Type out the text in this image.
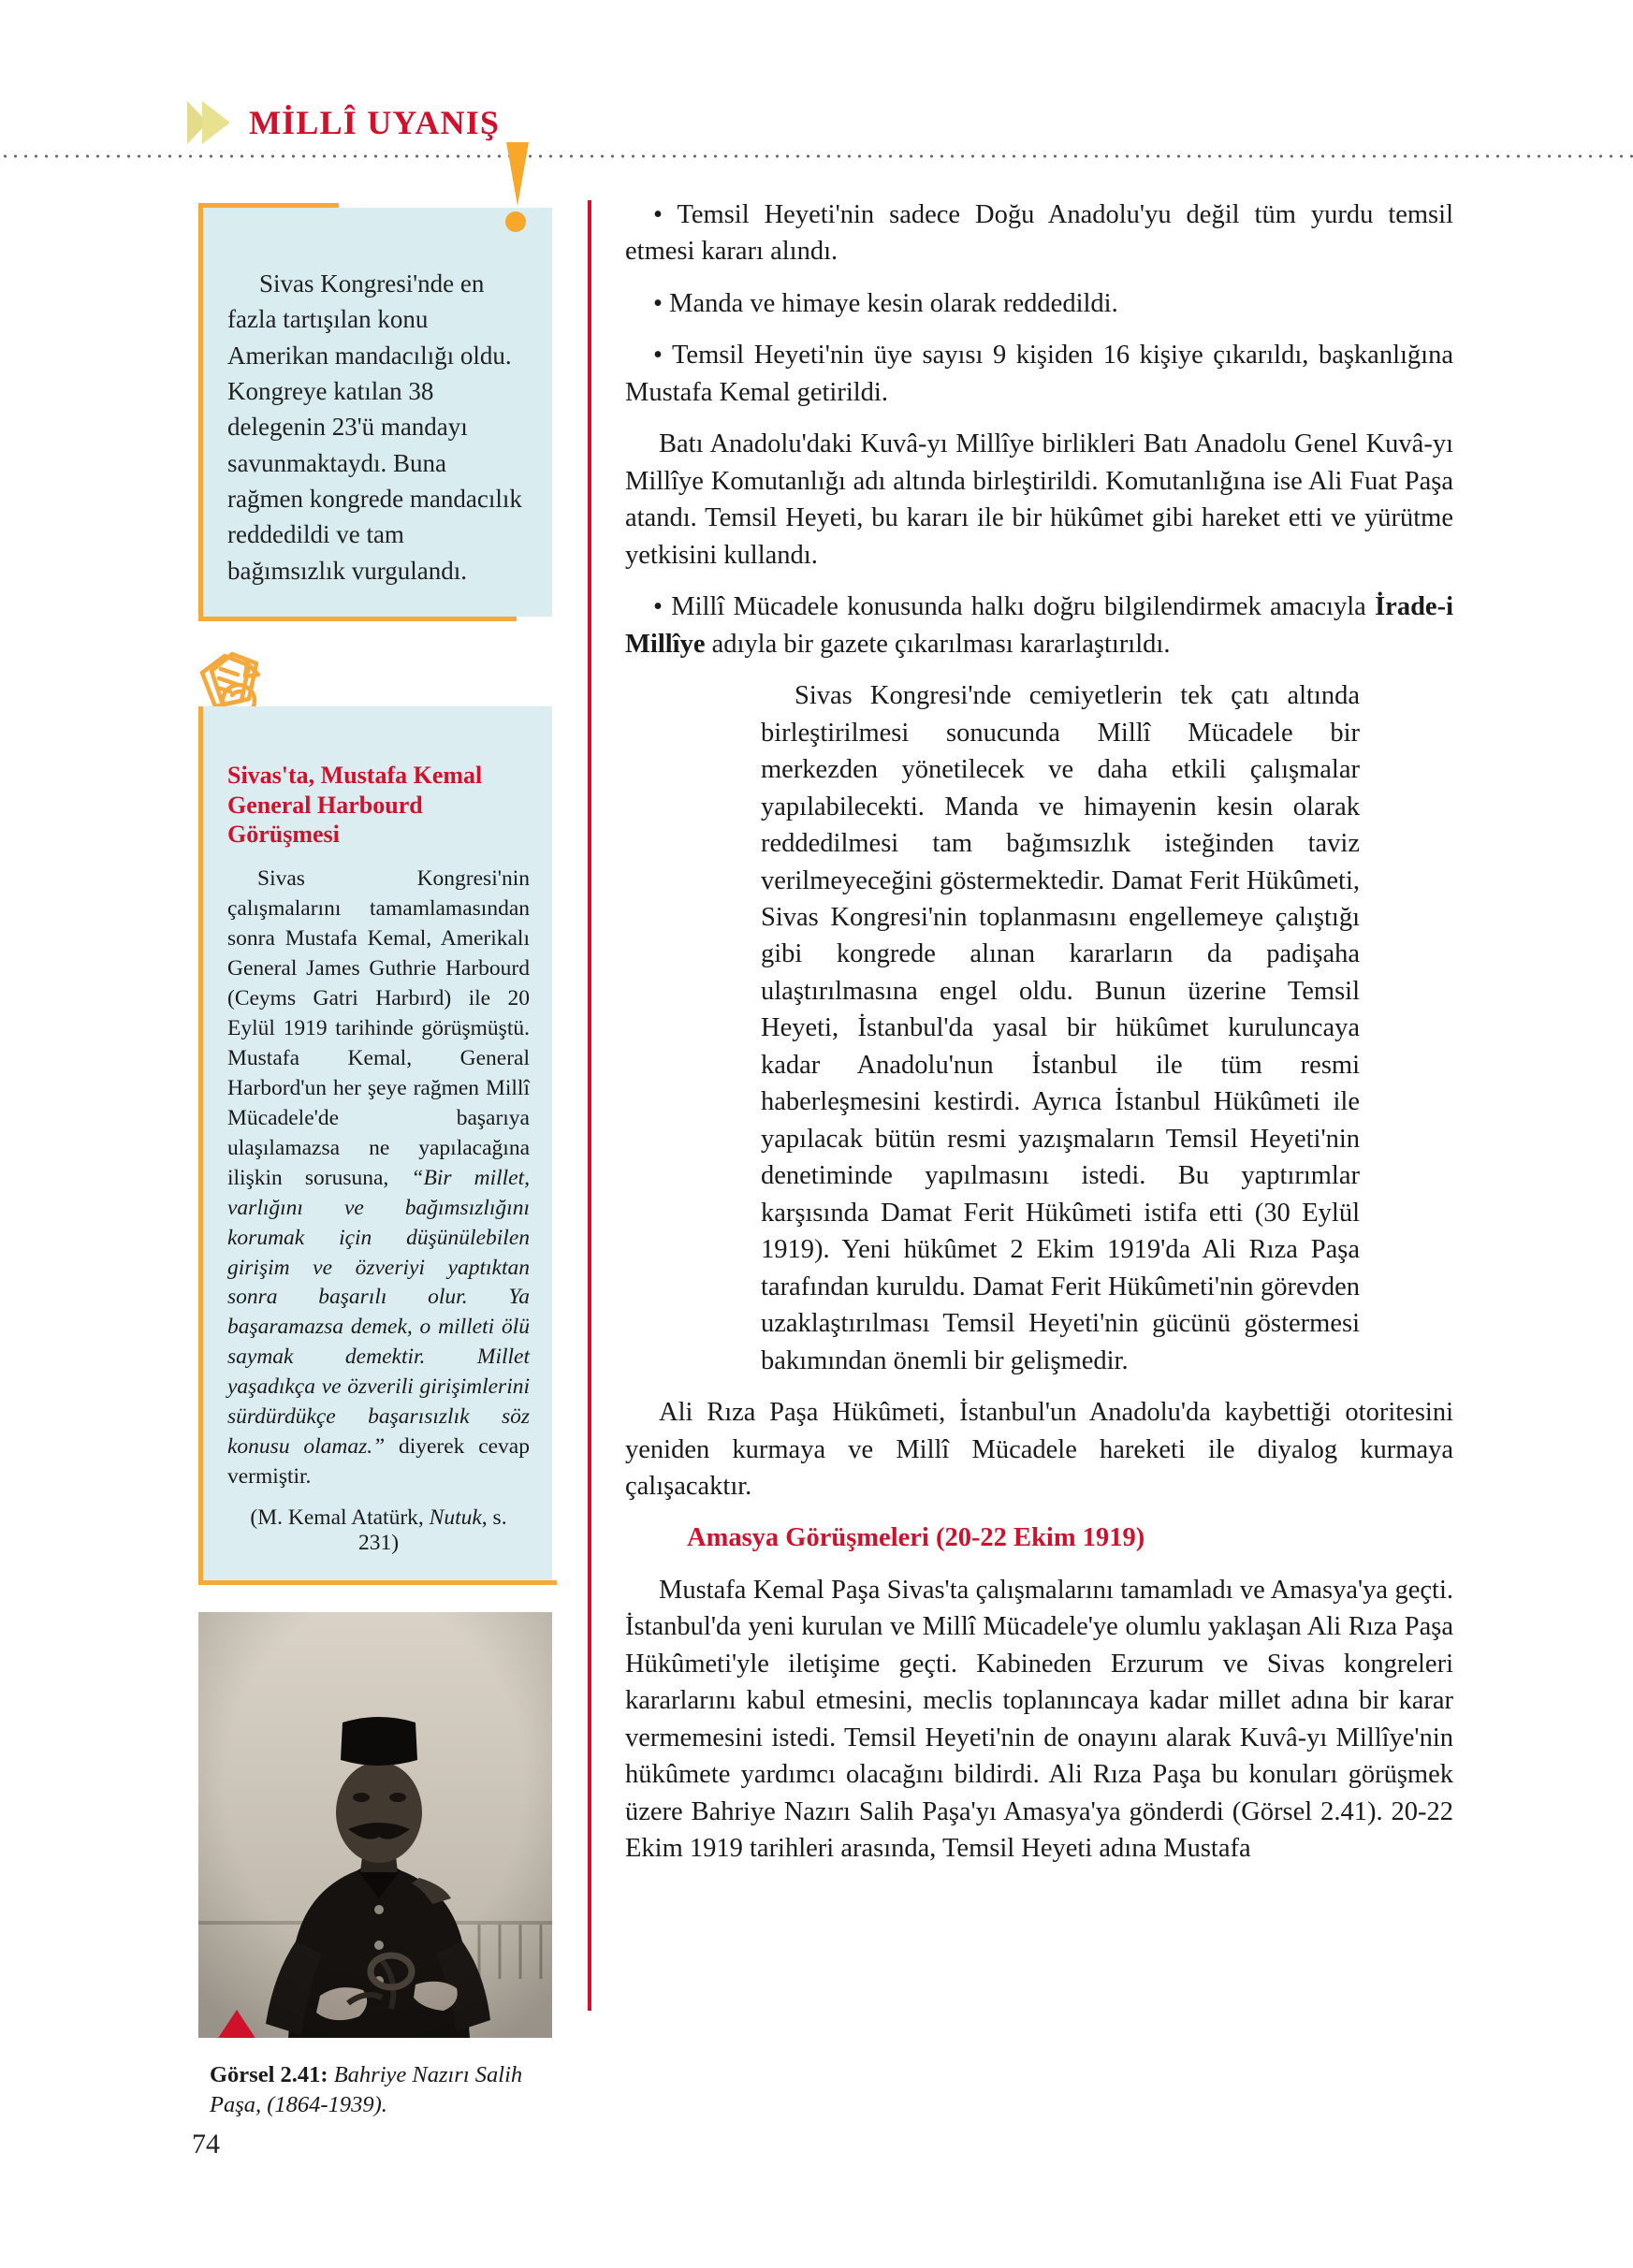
MİLLÎ UYANIŞ
Sivas Kongresi'nde en fazla tartışılan konu Amerikan mandacılığı oldu. Kongreye katılan 38 delegenin 23'ü mandayı savunmaktaydı. Buna rağmen kongrede mandacılık reddedildi ve tam bağımsızlık vurgulandı.
Sivas'ta, Mustafa Kemal
General Harbourd Görüşmesi
Sivas Kongresi'nin çalışmalarını tamamlamasından sonra Mustafa Kemal, Amerikalı General James Guthrie Harbourd (Ceyms Gatri Harbırd) ile 20 Eylül 1919 tarihinde görüşmüştü. Mustafa Kemal, General Harbord'un her şeye rağmen Millî Mücadele'de başarıya ulaşılamazsa ne yapılacağına ilişkin sorusuna, “Bir millet, varlığını ve bağımsızlığını korumak için düşünülebilen girişim ve özveriyi yaptıktan sonra başarılı olur. Ya başaramazsa demek, o milleti ölü saymak demektir. Millet yaşadıkça ve özverili girişimlerini sürdürdükçe başarısızlık söz konusu olamaz.” diyerek cevap vermiştir.
(M. Kemal Atatürk, Nutuk, s. 231)
Görsel 2.41: Bahriye Nazırı Salih Paşa, (1864-1939).

• Temsil Heyeti'nin sadece Doğu Anadolu'yu değil tüm yurdu temsil etmesi kararı alındı.

• Manda ve himaye kesin olarak reddedildi.

• Temsil Heyeti'nin üye sayısı 9 kişiden 16 kişiye çıkarıldı, başkanlığına Mustafa Kemal getirildi.

Batı Anadolu'daki Kuvâ-yı Millîye birlikleri Batı Anadolu Genel Kuvâ-yı Millîye Komutanlığı adı altında birleştirildi. Komutanlığına ise Ali Fuat Paşa atandı. Temsil Heyeti, bu kararı ile bir hükûmet gibi hareket etti ve yürütme yetkisini kullandı.

• Millî Mücadele konusunda halkı doğru bilgilendirmek amacıyla İrade-i Millîye adıyla bir gazete çıkarılması kararlaştırıldı.

Sivas Kongresi'nde cemiyetlerin tek çatı altında birleştirilmesi sonucunda Millî Mücadele bir merkezden yönetilecek ve daha etkili çalışmalar yapılabilecekti. Manda ve himayenin kesin olarak reddedilmesi tam bağımsızlık isteğinden taviz verilmeyeceğini göstermektedir. Damat Ferit Hükûmeti, Sivas Kongresi'nin toplanmasını engellemeye çalıştığı gibi kongrede alınan kararların da padişaha ulaştırılmasına engel oldu. Bunun üzerine Temsil Heyeti, İstanbul'da yasal bir hükûmet kuruluncaya kadar Anadolu'nun İstanbul ile tüm resmi haberleşmesini kestirdi. Ayrıca İstanbul Hükûmeti ile yapılacak bütün resmi yazışmaların Temsil Heyeti'nin denetiminde yapılmasını istedi. Bu yaptırımlar karşısında Damat Ferit Hükûmeti istifa etti (30 Eylül 1919). Yeni hükûmet 2 Ekim 1919'da Ali Rıza Paşa tarafından kuruldu. Damat Ferit Hükûmeti'nin görevden uzaklaştırılması Temsil Heyeti'nin gücünü göstermesi bakımından önemli bir gelişmedir.

Ali Rıza Paşa Hükûmeti, İstanbul'un Anadolu'da kaybettiği otoritesini yeniden kurmaya ve Millî Mücadele hareketi ile diyalog kurmaya çalışacaktır.

Amasya Görüşmeleri (20-22 Ekim 1919)

Mustafa Kemal Paşa Sivas'ta çalışmalarını tamamladı ve Amasya'ya geçti. İstanbul'da yeni kurulan ve Millî Mücadele'ye olumlu yaklaşan Ali Rıza Paşa Hükûmeti'yle iletişime geçti. Kabineden Erzurum ve Sivas kongreleri kararlarını kabul etmesini, meclis toplanıncaya kadar millet adına bir karar vermemesini istedi. Temsil Heyeti'nin de onayını alarak Kuvâ-yı Millîye'nin hükûmete yardımcı olacağını bildirdi. Ali Rıza Paşa bu konuları görüşmek üzere Bahriye Nazırı Salih Paşa'yı Amasya'ya gönderdi (Görsel 2.41). 20-22 Ekim 1919 tarihleri arasında, Temsil Heyeti adına Mustafa

74
